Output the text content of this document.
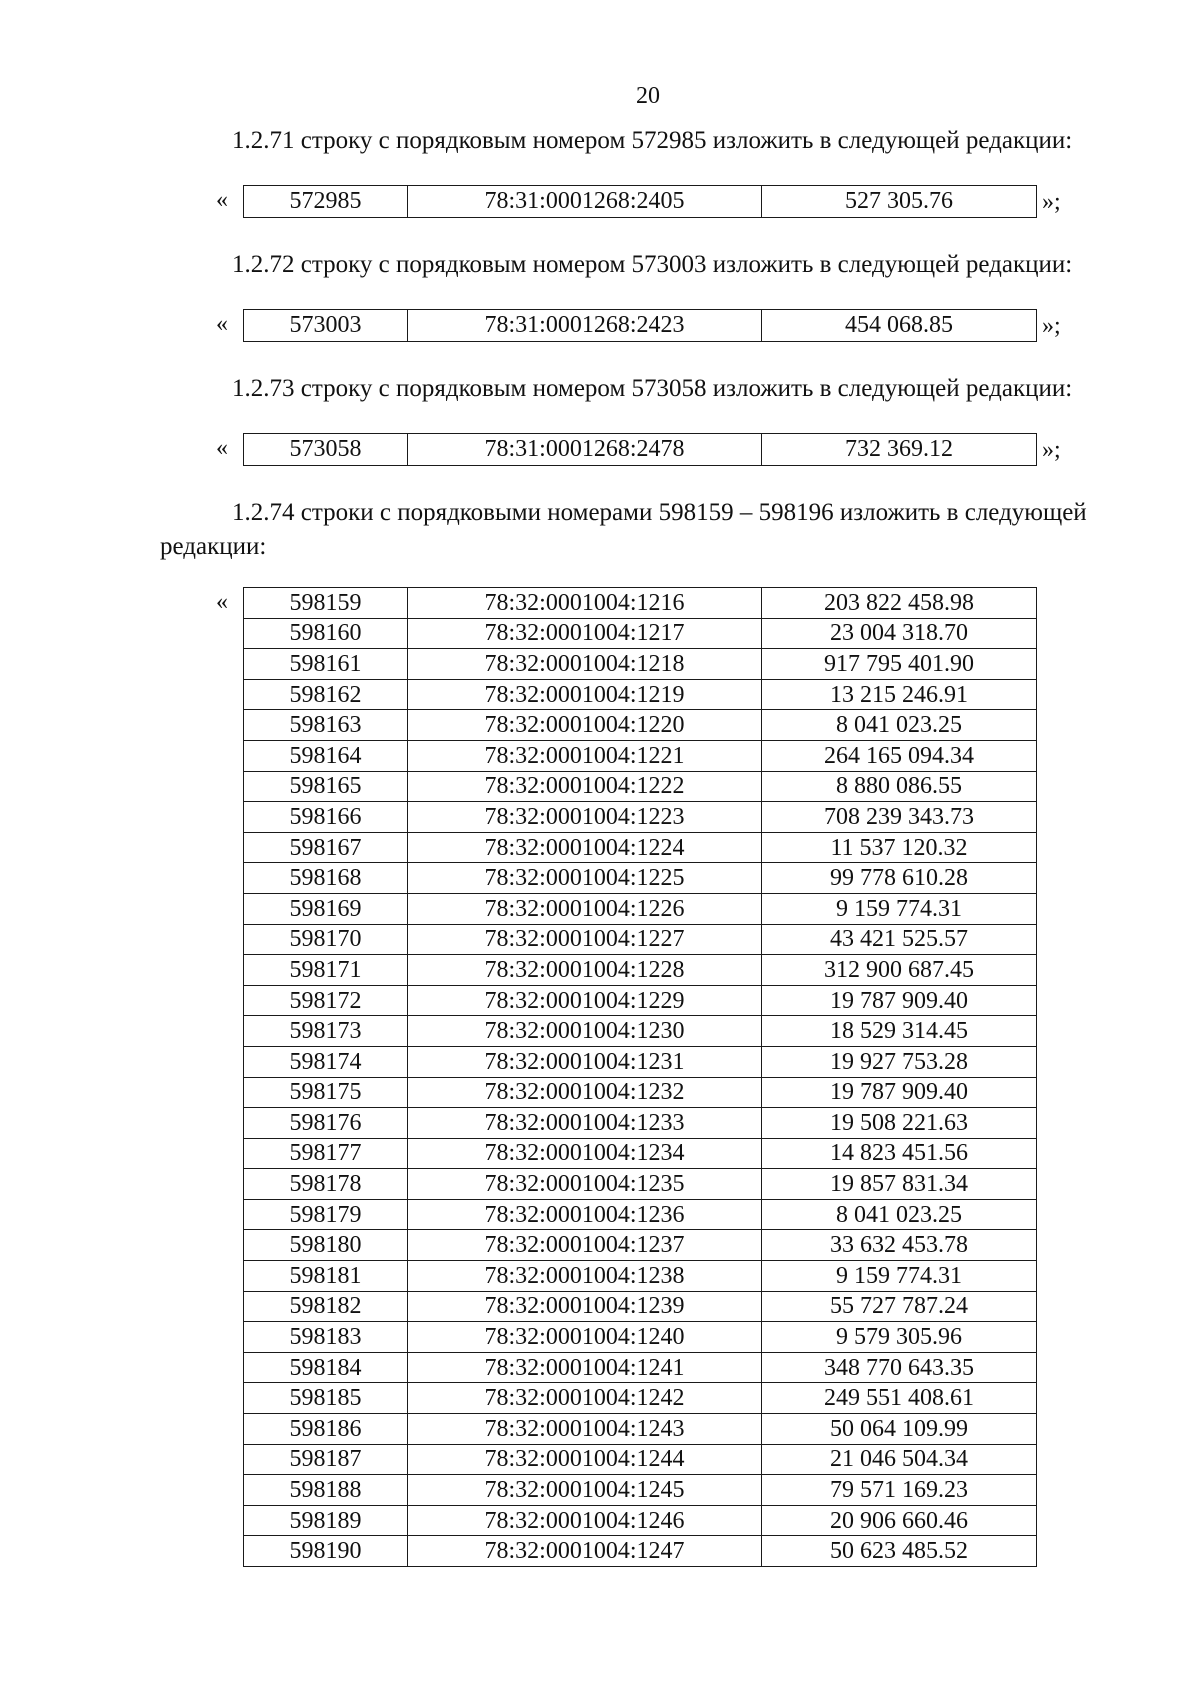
20
1.2.71 строку с порядковым номером 572985 изложить в следующей редакции:
«	572985	78:31:0001268:2405	527 305.76	»;
1.2.72 строку с порядковым номером 573003 изложить в следующей редакции:
«	573003	78:31:0001268:2423	454 068.85	»;
1.2.73 строку с порядковым номером 573058 изложить в следующей редакции:
«	573058	78:31:0001268:2478	732 369.12	»;
1.2.74 строки с порядковыми номерами 598159 – 598196 изложить в следующей
редакции:
«	598159	78:32:0001004:1216	203 822 458.98
598160	78:32:0001004:1217	23 004 318.70
598161	78:32:0001004:1218	917 795 401.90
598162	78:32:0001004:1219	13 215 246.91
598163	78:32:0001004:1220	8 041 023.25
598164	78:32:0001004:1221	264 165 094.34
598165	78:32:0001004:1222	8 880 086.55
598166	78:32:0001004:1223	708 239 343.73
598167	78:32:0001004:1224	11 537 120.32
598168	78:32:0001004:1225	99 778 610.28
598169	78:32:0001004:1226	9 159 774.31
598170	78:32:0001004:1227	43 421 525.57
598171	78:32:0001004:1228	312 900 687.45
598172	78:32:0001004:1229	19 787 909.40
598173	78:32:0001004:1230	18 529 314.45
598174	78:32:0001004:1231	19 927 753.28
598175	78:32:0001004:1232	19 787 909.40
598176	78:32:0001004:1233	19 508 221.63
598177	78:32:0001004:1234	14 823 451.56
598178	78:32:0001004:1235	19 857 831.34
598179	78:32:0001004:1236	8 041 023.25
598180	78:32:0001004:1237	33 632 453.78
598181	78:32:0001004:1238	9 159 774.31
598182	78:32:0001004:1239	55 727 787.24
598183	78:32:0001004:1240	9 579 305.96
598184	78:32:0001004:1241	348 770 643.35
598185	78:32:0001004:1242	249 551 408.61
598186	78:32:0001004:1243	50 064 109.99
598187	78:32:0001004:1244	21 046 504.34
598188	78:32:0001004:1245	79 571 169.23
598189	78:32:0001004:1246	20 906 660.46
598190	78:32:0001004:1247	50 623 485.52
